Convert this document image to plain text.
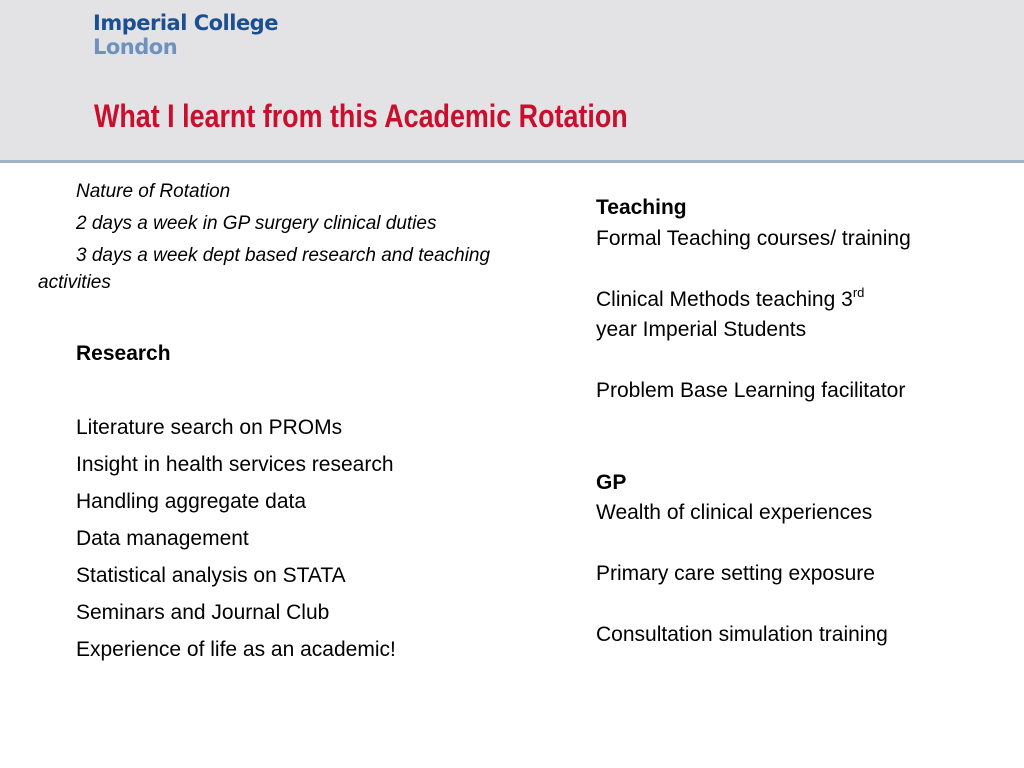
Imperial College
London
What I learnt from this Academic Rotation

Nature of Rotation

2 days a week in GP surgery clinical duties

3 days a week dept based research and teaching activities

Research
Literature search on PROMs
Insight in health services research
Handling aggregate data
Data management
Statistical analysis on STATA
Seminars and Journal Club
Experience of life as an academic!

Teaching

Formal Teaching courses/ training

Clinical Methods teaching 3rd
year Imperial Students

Problem Base Learning facilitator

GP

Wealth of clinical experiences

Primary care setting exposure

Consultation simulation training
